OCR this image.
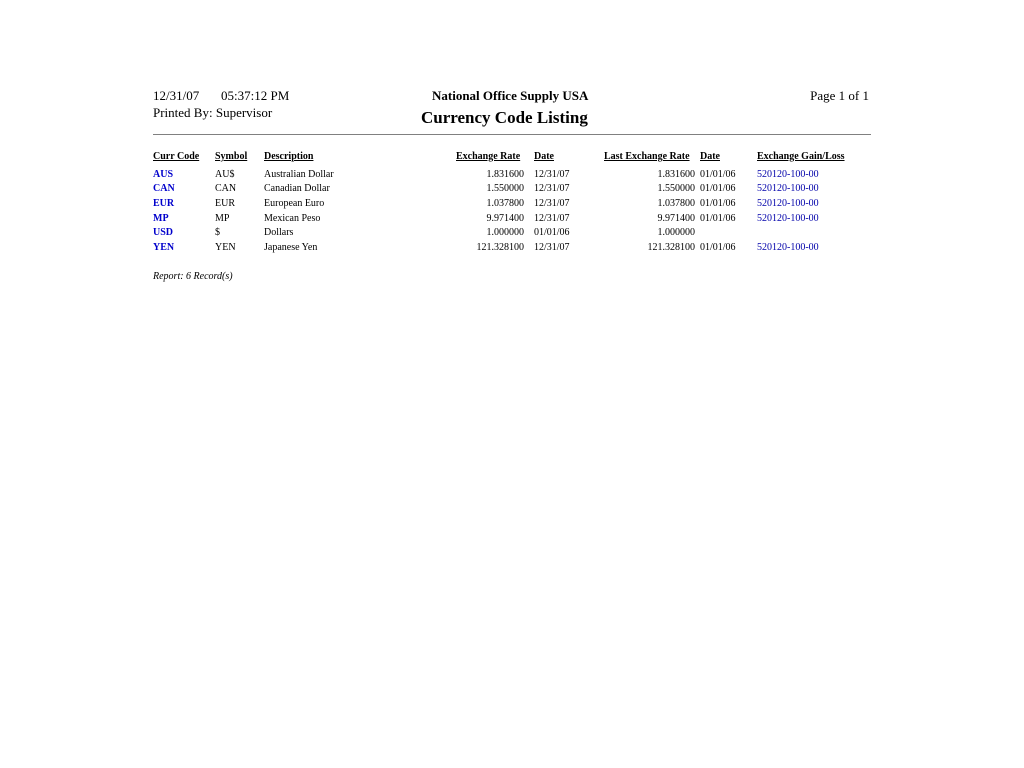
12/31/07 05:37:12 PM
Printed By: Supervisor
National Office Supply USA
Currency Code Listing
Page 1 of 1
Curr Code Symbol Description	Exchange Rate Date	Last Exchange Rate Date	Exchange Gain/Loss
AUS	AU$	Australian Dollar	1.831600 12/31/07	1.831600 01/01/06 520120-100-00
CAN	CAN	Canadian Dollar	1.550000 12/31/07	1.550000 01/01/06 520120-100-00
EUR	EUR	European Euro	1.037800 12/31/07	1.037800 01/01/06 520120-100-00
MP	MP	Mexican Peso	9.971400 12/31/07	9.971400 01/01/06 520120-100-00
USD	$	Dollars	1.000000 01/01/06	1.000000
YEN	YEN	Japanese Yen	121.328100 12/31/07	121.328100 01/01/06 520120-100-00
Report: 6 Record(s)
